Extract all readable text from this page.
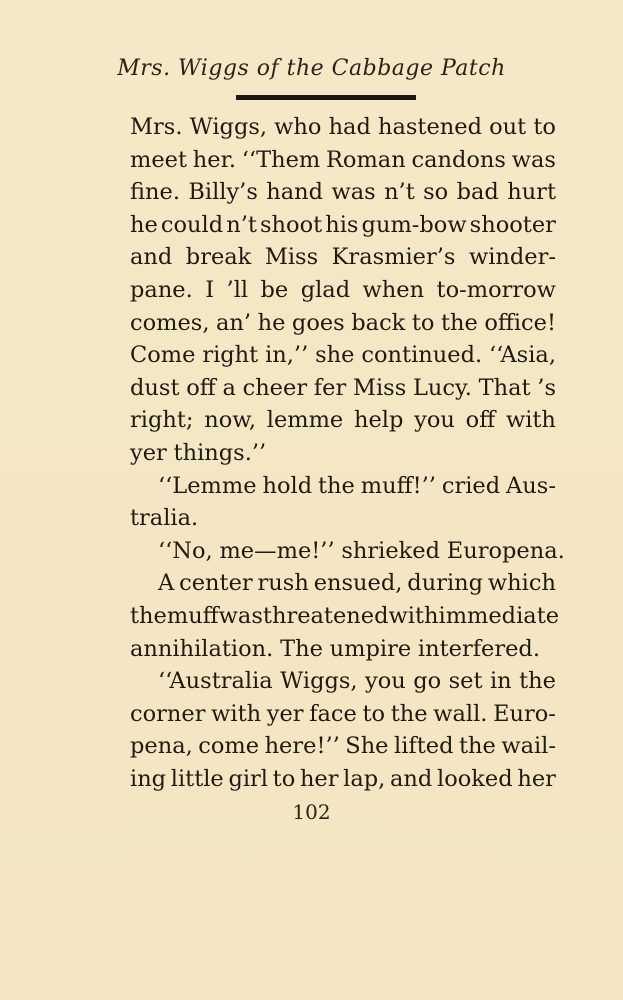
Mrs. Wiggs of the Cabbage Patch
Mrs. Wiggs, who had hastened out to
meet her. ‘‘Them Roman candons was
fine. Billy’s hand was n’t so bad hurt
he could n’t shoot his gum-bow shooter
and break Miss Krasmier’s winder-
pane. I ’ll be glad when to-morrow
comes, an’ he goes back to the office!
Come right in,’’ she continued. ‘‘Asia,
dust off a cheer fer Miss Lucy. That ’s
right; now, lemme help you off with
yer things.’’
‘‘Lemme hold the muff!’’ cried Aus-
tralia.
‘‘No, me—me!’’ shrieked Europena.
A center rush ensued, during which
the muff was threatened with immediate
annihilation. The umpire interfered.
‘‘Australia Wiggs, you go set in the
corner with yer face to the wall. Euro-
pena, come here!’’ She lifted the wail-
ing little girl to her lap, and looked her
102
